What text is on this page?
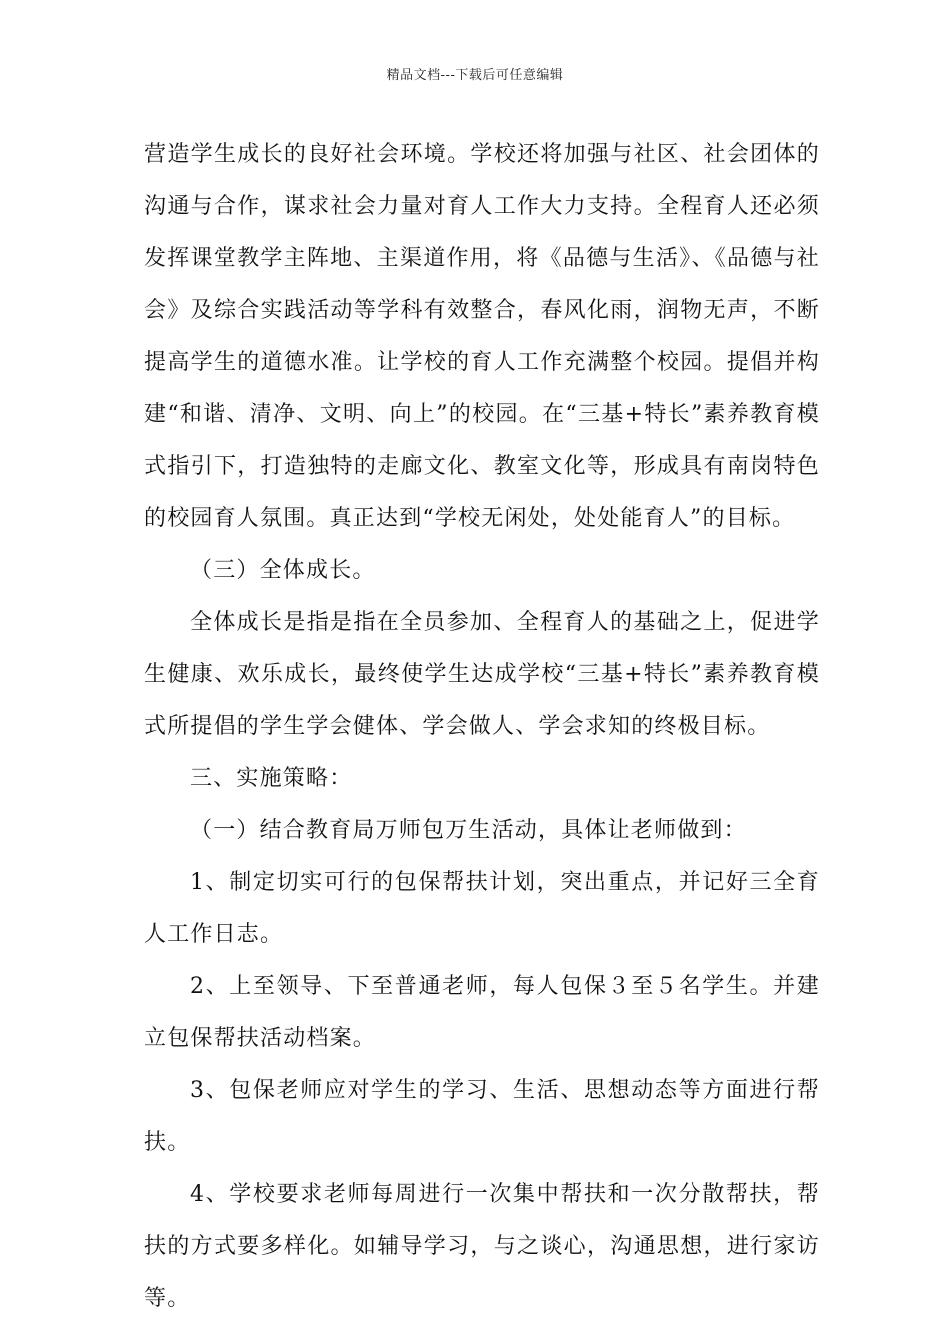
精品文档---下载后可任意编辑

营造学生成长的良好社会环境。学校还将加强与社区、社会团体的沟通与合作，谋求社会力量对育人工作大力支持。全程育人还必须发挥课堂教学主阵地、主渠道作用，将《品德与生活》、《品德与社会》及综合实践活动等学科有效整合，春风化雨，润物无声，不断提高学生的道德水准。让学校的育人工作充满整个校园。提倡并构建“和谐、清净、文明、向上”的校园。在“三基+特长”素养教育模式指引下，打造独特的走廊文化、教室文化等，形成具有南岗特色的校园育人氛围。真正达到“学校无闲处，处处能育人”的目标。

（三）全体成长。

全体成长是指是指在全员参加、全程育人的基础之上，促进学生健康、欢乐成长，最终使学生达成学校“三基+特长”素养教育模式所提倡的学生学会健体、学会做人、学会求知的终极目标。

三、实施策略：

（一）结合教育局万师包万生活动，具体让老师做到：

1、制定切实可行的包保帮扶计划，突出重点，并记好三全育人工作日志。

2、上至领导、下至普通老师，每人包保３至５名学生。并建立包保帮扶活动档案。

3、包保老师应对学生的学习、生活、思想动态等方面进行帮扶。

4、学校要求老师每周进行一次集中帮扶和一次分散帮扶，帮扶的方式要多样化。如辅导学习，与之谈心，沟通思想，进行家访等。
